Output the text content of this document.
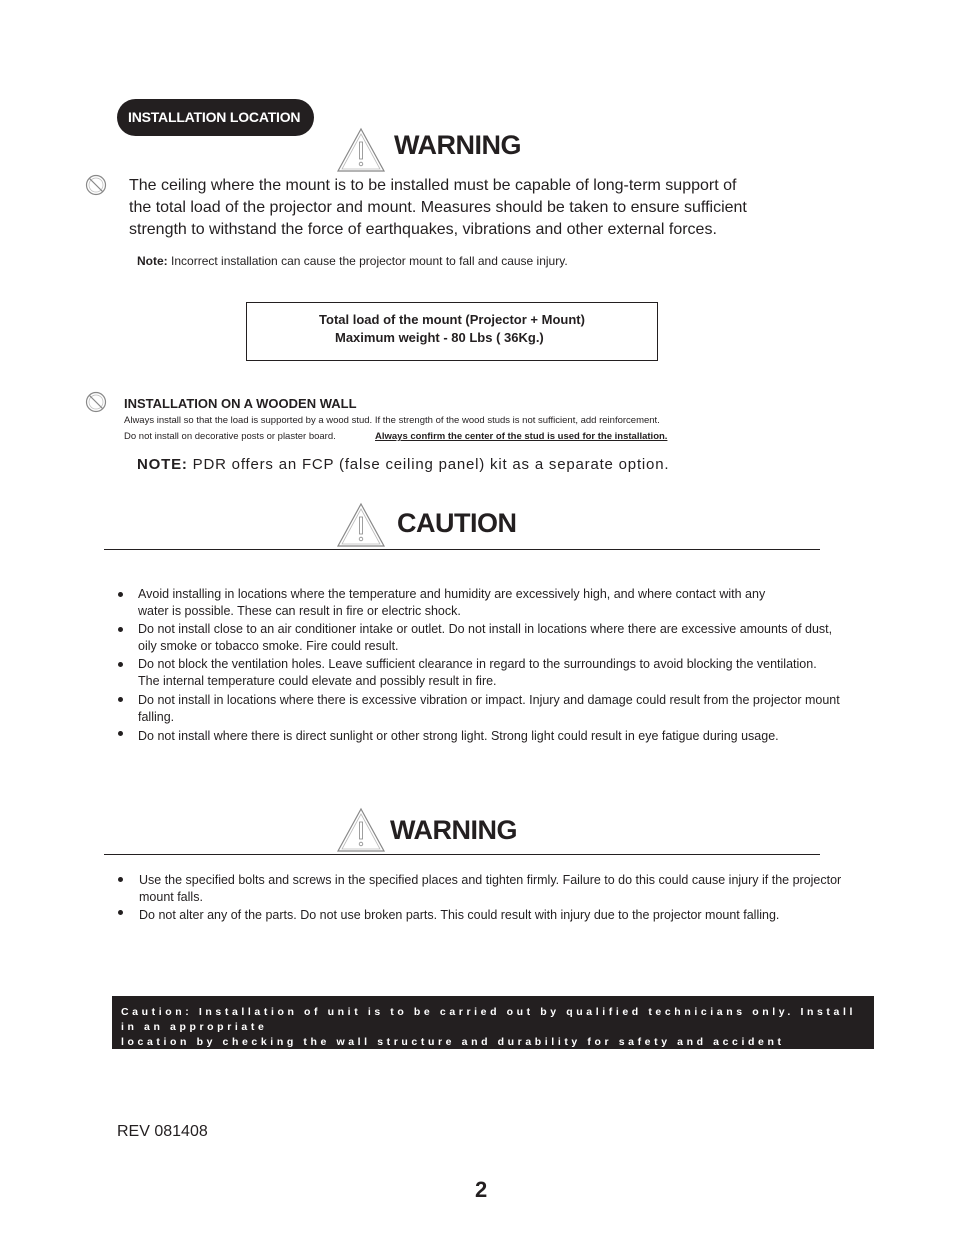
INSTALLATION LOCATION
WARNING
The ceiling where the mount is to be installed must be capable of long-term support of
the total load of the projector and mount. Measures should be taken to ensure sufficient
strength to withstand the force of earthquakes, vibrations and other external forces.
Note: Incorrect installation can cause the projector mount to fall and cause injury.
Total load of the mount (Projector + Mount)
Maximum weight - 80 Lbs ( 36Kg.)
INSTALLATION ON A WOODEN WALL
Always install so that the load is supported by a wood stud. If the strength of the wood studs is not sufficient, add reinforcement.
Do not install on decorative posts or plaster board.	Always confirm the center of the stud is used for the installation.
NOTE: PDR offers an FCP (false ceiling panel) kit as a separate option.
CAUTION
Avoid installing in locations where the temperature and humidity are excessively high, and where contact with any
water is possible. These can result in fire or electric shock.
Do not install close to an air conditioner intake or outlet. Do not install in locations where there are excessive amounts of dust,
oily smoke or tobacco smoke. Fire could result.
Do not block the ventilation holes. Leave sufficient clearance in regard to the surroundings to avoid blocking the ventilation.
The internal temperature could elevate and possibly result in fire.
Do not install in locations where there is excessive vibration or impact. Injury and damage could result from the projector mount
falling.
Do not install where there is direct sunlight or other strong light. Strong light could result in eye fatigue during usage.
WARNING
Use the specified bolts and screws in the specified places and tighten firmly. Failure to do this could cause injury if the projector
mount falls.
Do not alter any of the parts. Do not use broken parts. This could result with injury due to the projector mount falling.
Caution: Installation of unit is to be carried out by qualified technicians only. Install in an appropriate
location by checking the wall structure and durability for safety and accident prevention.
REV 081408
2
